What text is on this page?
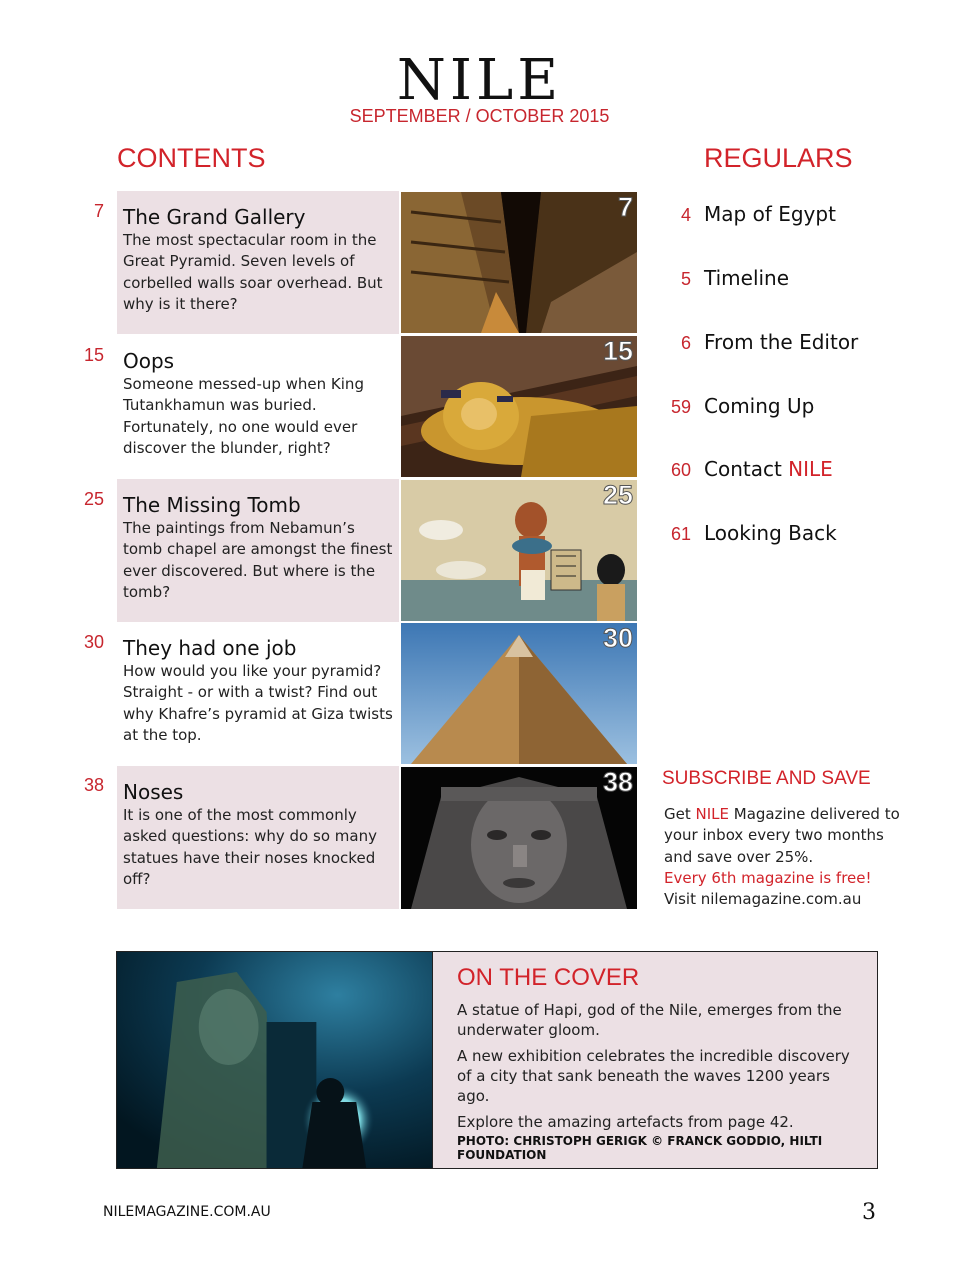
NILE
SEPTEMBER / OCTOBER 2015
CONTENTS	REGULARS
7 The Grand Gallery
The most spectacular room in the Great Pyramid. Seven levels of corbelled walls soar overhead. But why is it there?
7
15 Oops
Someone messed-up when King Tutankhamun was buried. Fortunately, no one would ever discover the blunder, right?
15
25 The Missing Tomb
The paintings from Nebamun’s tomb chapel are amongst the finest ever discovered. But where is the tomb?
25
30 They had one job
How would you like your pyramid? Straight - or with a twist? Find out why Khafre’s pyramid at Giza twists at the top.
30
38 Noses
It is one of the most commonly asked questions: why do so many statues have their noses knocked off?
38
4 Map of Egypt
5 Timeline
6 From the Editor
59 Coming Up
60 Contact NILE
61 Looking Back
SUBSCRIBE AND SAVE
Get NILE Magazine delivered to your inbox every two months and save over 25%.
Every 6th magazine is free!
Visit nilemagazine.com.au
ON THE COVER
A statue of Hapi, god of the Nile, emerges from the underwater gloom.
A new exhibition celebrates the incredible discovery of a city that sank beneath the waves 1200 years ago.
Explore the amazing artefacts from page 42.
PHOTO: CHRISTOPH GERIGK © FRANCK GODDIO, HILTI FOUNDATION
NILEMAGAZINE.COM.AU	3
